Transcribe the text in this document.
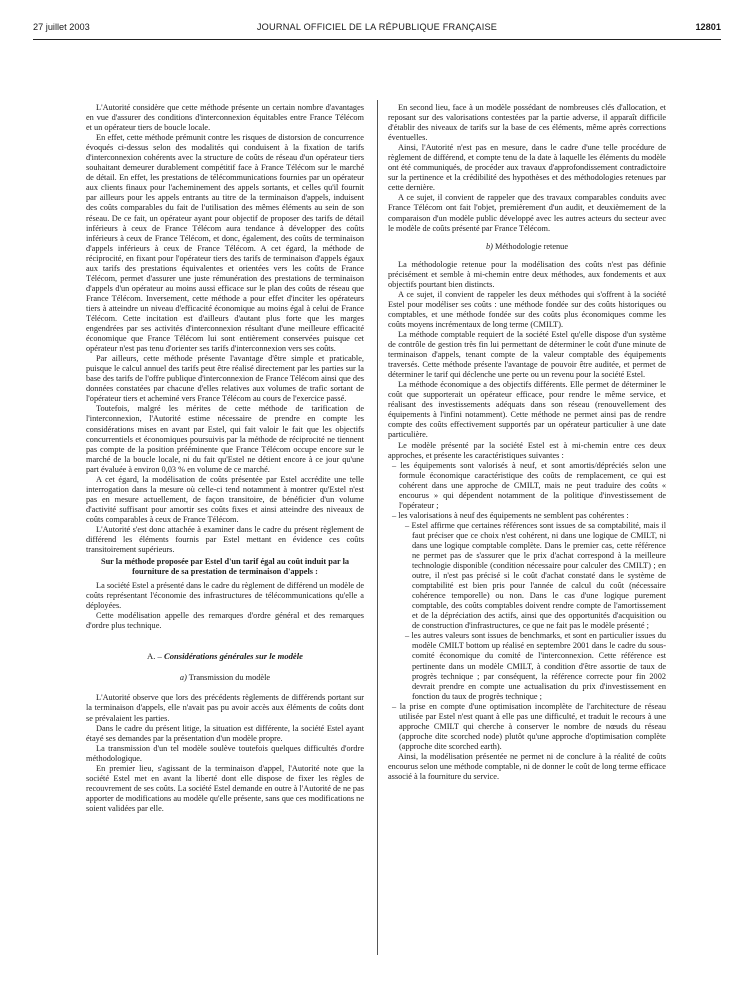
27 juillet 2003	JOURNAL OFFICIEL DE LA RÉPUBLIQUE FRANÇAISE	12801

L'Autorité considère que cette méthode présente un certain nombre d'avantages en vue d'assurer des conditions d'interconnexion équitables entre France Télécom et un opérateur tiers de boucle locale.

En effet, cette méthode prémunit contre les risques de distorsion de concurrence évoqués ci-dessus selon des modalités qui conduisent à la fixation de tarifs d'interconnexion cohérents avec la structure de coûts de réseau d'un opérateur tiers souhaitant demeurer durablement compétitif face à France Télécom sur le marché de détail. En effet, les prestations de télécommunications fournies par un opérateur aux clients finaux pour l'acheminement des appels sortants, et celles qu'il fournit par ailleurs pour les appels entrants au titre de la terminaison d'appels, induisent des coûts comparables du fait de l'utilisation des mêmes éléments au sein de son réseau. De ce fait, un opérateur ayant pour objectif de proposer des tarifs de détail inférieurs à ceux de France Télécom aura tendance à développer des coûts inférieurs à ceux de France Télécom, et donc, également, des coûts de terminaison d'appels inférieurs à ceux de France Télécom. A cet égard, la méthode de réciprocité, en fixant pour l'opérateur tiers des tarifs de terminaison d'appels égaux aux tarifs des prestations équivalentes et orientées vers les coûts de France Télécom, permet d'assurer une juste rémunération des prestations de terminaison d'appels d'un opérateur au moins aussi efficace sur le plan des coûts de réseau que France Télécom. Inversement, cette méthode a pour effet d'inciter les opérateurs tiers à atteindre un niveau d'efficacité économique au moins égal à celui de France Télécom. Cette incitation est d'ailleurs d'autant plus forte que les marges engendrées par ses activités d'interconnexion résultant d'une meilleure efficacité économique que France Télécom lui sont entièrement conservées puisque cet opérateur n'est pas tenu d'orienter ses tarifs d'interconnexion vers ses coûts.

Par ailleurs, cette méthode présente l'avantage d'être simple et praticable, puisque le calcul annuel des tarifs peut être réalisé directement par les parties sur la base des tarifs de l'offre publique d'interconnexion de France Télécom ainsi que des données constatées par chacune d'elles relatives aux volumes de trafic sortant de l'opérateur tiers et acheminé vers France Télécom au cours de l'exercice passé.

Toutefois, malgré les mérites de cette méthode de tarification de l'interconnexion, l'Autorité estime nécessaire de prendre en compte les considérations mises en avant par Estel, qui fait valoir le fait que les objectifs concurrentiels et économiques poursuivis par la méthode de réciprocité ne tiennent pas compte de la position prééminente que France Télécom occupe encore sur le marché de la boucle locale, ni du fait qu'Estel ne détient encore à ce jour qu'une part évaluée à environ 0,03 % en volume de ce marché.

A cet égard, la modélisation de coûts présentée par Estel accrédite une telle interrogation dans la mesure où celle-ci tend notamment à montrer qu'Estel n'est pas en mesure actuellement, de façon transitoire, de bénéficier d'un volume d'activité suffisant pour amortir ses coûts fixes et ainsi atteindre des niveaux de coûts comparables à ceux de France Télécom.

L'Autorité s'est donc attachée à examiner dans le cadre du présent règlement de différend les éléments fournis par Estel mettant en évidence ces coûts transitoirement supérieurs.

Sur la méthode proposée par Estel d'un tarif égal au coût induit par la fourniture de sa prestation de terminaison d'appels :

La société Estel a présenté dans le cadre du règlement de différend un modèle de coûts représentant l'économie des infrastructures de télécommunications qu'elle a déployées.

Cette modélisation appelle des remarques d'ordre général et des remarques d'ordre plus technique.

A. – Considérations générales sur le modèle

a) Transmission du modèle

L'Autorité observe que lors des précédents règlements de différends portant sur la terminaison d'appels, elle n'avait pas pu avoir accès aux éléments de coûts dont se prévalaient les parties.

Dans le cadre du présent litige, la situation est différente, la société Estel ayant étayé ses demandes par la présentation d'un modèle propre.

La transmission d'un tel modèle soulève toutefois quelques difficultés d'ordre méthodologique.

En premier lieu, s'agissant de la terminaison d'appel, l'Autorité note que la société Estel met en avant la liberté dont elle dispose de fixer les règles de recouvrement de ses coûts. La société Estel demande en outre à l'Autorité de ne pas apporter de modifications au modèle qu'elle présente, sans que ces modifications ne soient validées par elle.

En second lieu, face à un modèle possédant de nombreuses clés d'allocation, et reposant sur des valorisations contestées par la partie adverse, il apparaît difficile d'établir des niveaux de tarifs sur la base de ces éléments, même après corrections éventuelles.

Ainsi, l'Autorité n'est pas en mesure, dans le cadre d'une telle procédure de règlement de différend, et compte tenu de la date à laquelle les éléments du modèle ont été communiqués, de procéder aux travaux d'approfondissement contradictoire sur la pertinence et la crédibilité des hypothèses et des méthodologies retenues par cette dernière.

A ce sujet, il convient de rappeler que des travaux comparables conduits avec France Télécom ont fait l'objet, premièrement d'un audit, et deuxièmement de la comparaison d'un modèle public développé avec les autres acteurs du secteur avec le modèle de coûts présenté par France Télécom.

b) Méthodologie retenue

La méthodologie retenue pour la modélisation des coûts n'est pas définie précisément et semble à mi-chemin entre deux méthodes, aux fondements et aux objectifs pourtant bien distincts.

A ce sujet, il convient de rappeler les deux méthodes qui s'offrent à la société Estel pour modéliser ses coûts : une méthode fondée sur des coûts historiques ou comptables, et une méthode fondée sur des coûts plus économiques comme les coûts moyens incrémentaux de long terme (CMILT).

La méthode comptable requiert de la société Estel qu'elle dispose d'un système de contrôle de gestion très fin lui permettant de déterminer le coût d'une minute de terminaison d'appels, tenant compte de la valeur comptable des équipements traversés. Cette méthode présente l'avantage de pouvoir être auditée, et permet de déterminer le tarif qui déclenche une perte ou un revenu pour la société Estel.

La méthode économique a des objectifs différents. Elle permet de déterminer le coût que supporterait un opérateur efficace, pour rendre le même service, et réalisant des investissements adéquats dans son réseau (renouvellement des équipements à l'infini notamment). Cette méthode ne permet ainsi pas de rendre compte des coûts effectivement supportés par un opérateur particulier à une date particulière.

Le modèle présenté par la société Estel est à mi-chemin entre ces deux approches, et présente les caractéristiques suivantes :

– les équipements sont valorisés à neuf, et sont amortis/dépréciés selon une formule économique caractéristique des coûts de remplacement, ce qui est cohérent dans une approche de CMILT, mais ne peut traduire des coûts « encourus » qui dépendent notamment de la politique d'investissement de l'opérateur ;
– les valorisations à neuf des équipements ne semblent pas cohérentes :
– Estel affirme que certaines références sont issues de sa comptabilité, mais il faut préciser que ce choix n'est cohérent, ni dans une logique de CMILT, ni dans une logique comptable complète. Dans le premier cas, cette référence ne permet pas de s'assurer que le prix d'achat correspond à la meilleure technologie disponible (condition nécessaire pour calculer des CMILT) ; en outre, il n'est pas précisé si le coût d'achat constaté dans le système de comptabilité est bien pris pour l'année de calcul du coût (nécessaire cohérence temporelle) ou non. Dans le cas d'une logique purement comptable, des coûts comptables doivent rendre compte de l'amortissement et de la dépréciation des actifs, ainsi que des opportunités d'acquisition ou de construction d'infrastructures, ce que ne fait pas le modèle présenté ;
– les autres valeurs sont issues de benchmarks, et sont en particulier issues du modèle CMILT bottom up réalisé en septembre 2001 dans le cadre du sous-comité économique du comité de l'interconnexion. Cette référence est pertinente dans un modèle CMILT, à condition d'être assortie de taux de progrès technique ; par conséquent, la référence correcte pour fin 2002 devrait prendre en compte une actualisation du prix d'investissement en fonction du taux de progrès technique ;
– la prise en compte d'une optimisation incomplète de l'architecture de réseau utilisée par Estel n'est quant à elle pas une difficulté, et traduit le recours à une approche CMILT qui cherche à conserver le nombre de nœuds du réseau (approche dite scorched node) plutôt qu'une approche d'optimisation complète (approche dite scorched earth).

Ainsi, la modélisation présentée ne permet ni de conclure à la réalité de coûts encourus selon une méthode comptable, ni de donner le coût de long terme efficace associé à la fourniture du service.
